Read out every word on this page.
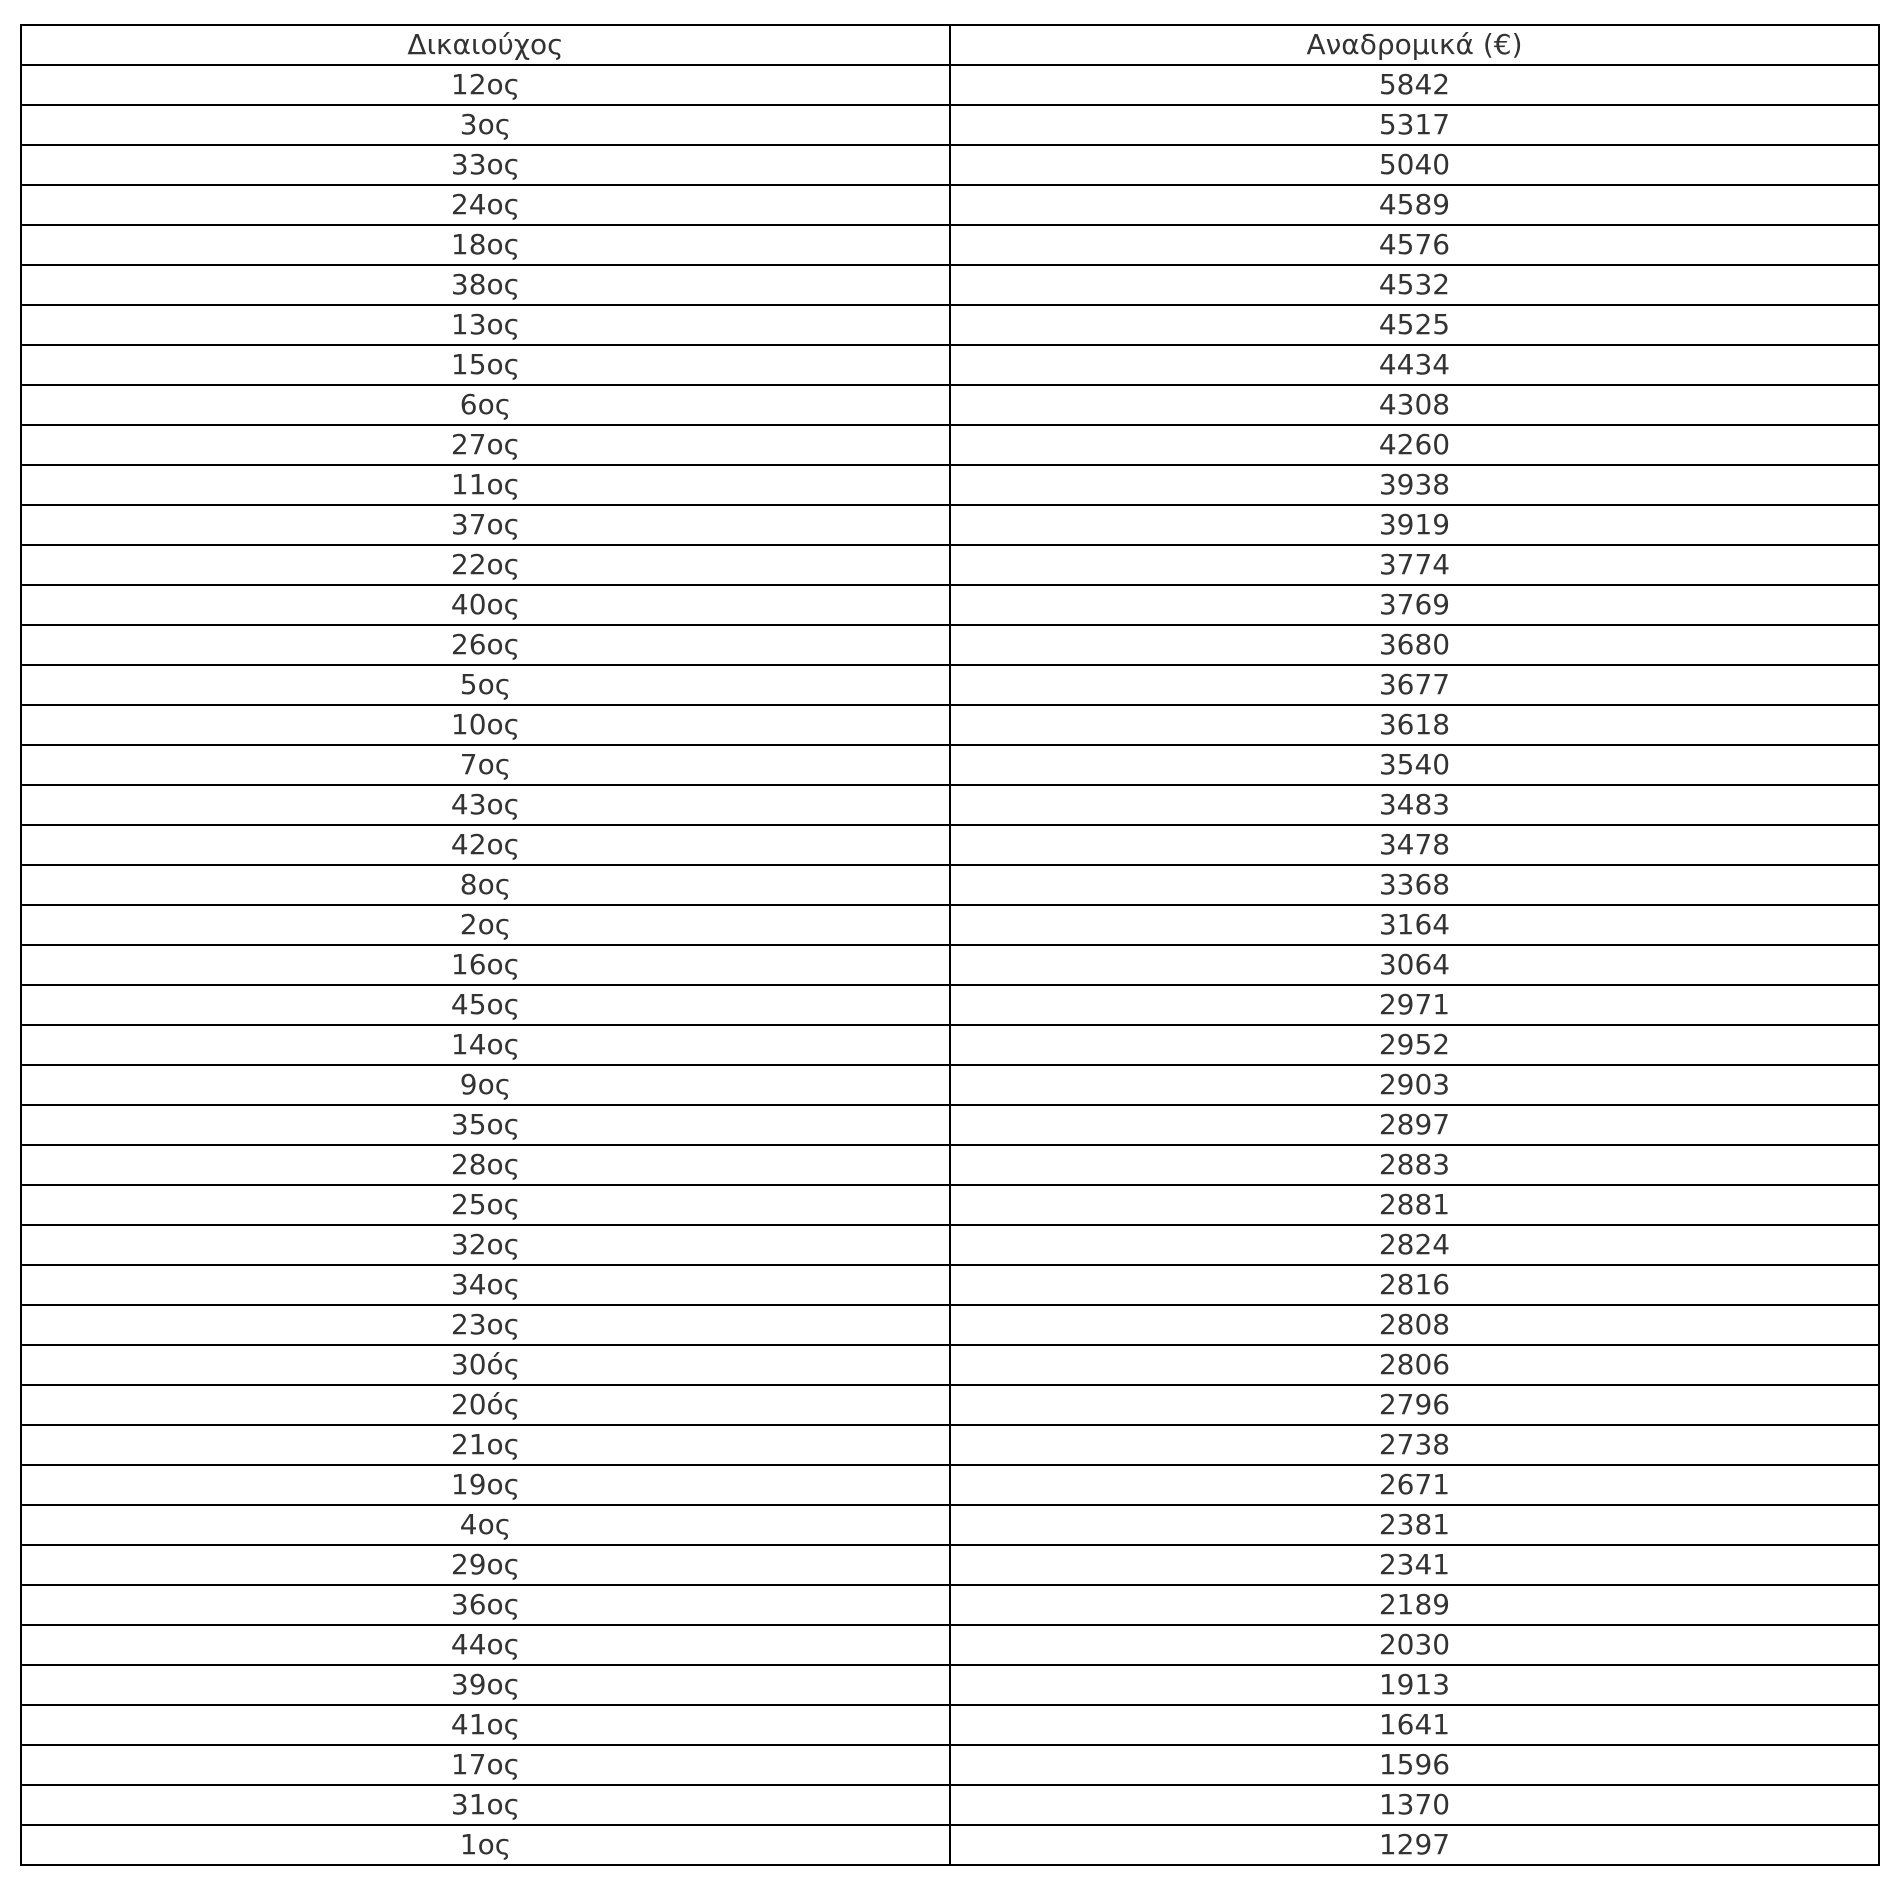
Δικαιούχος	Αναδρομικά (€)
12ος	5842
3ος	5317
33ος	5040
24ος	4589
18ος	4576
38ος	4532
13ος	4525
15ος	4434
6ος	4308
27ος	4260
11ος	3938
37ος	3919
22ος	3774
40ος	3769
26ος	3680
5ος	3677
10ος	3618
7ος	3540
43ος	3483
42ος	3478
8ος	3368
2ος	3164
16ος	3064
45ος	2971
14ος	2952
9ος	2903
35ος	2897
28ος	2883
25ος	2881
32ος	2824
34ος	2816
23ος	2808
30ός	2806
20ός	2796
21ος	2738
19ος	2671
4ος	2381
29ος	2341
36ος	2189
44ος	2030
39ος	1913
41ος	1641
17ος	1596
31ος	1370
1ος	1297
